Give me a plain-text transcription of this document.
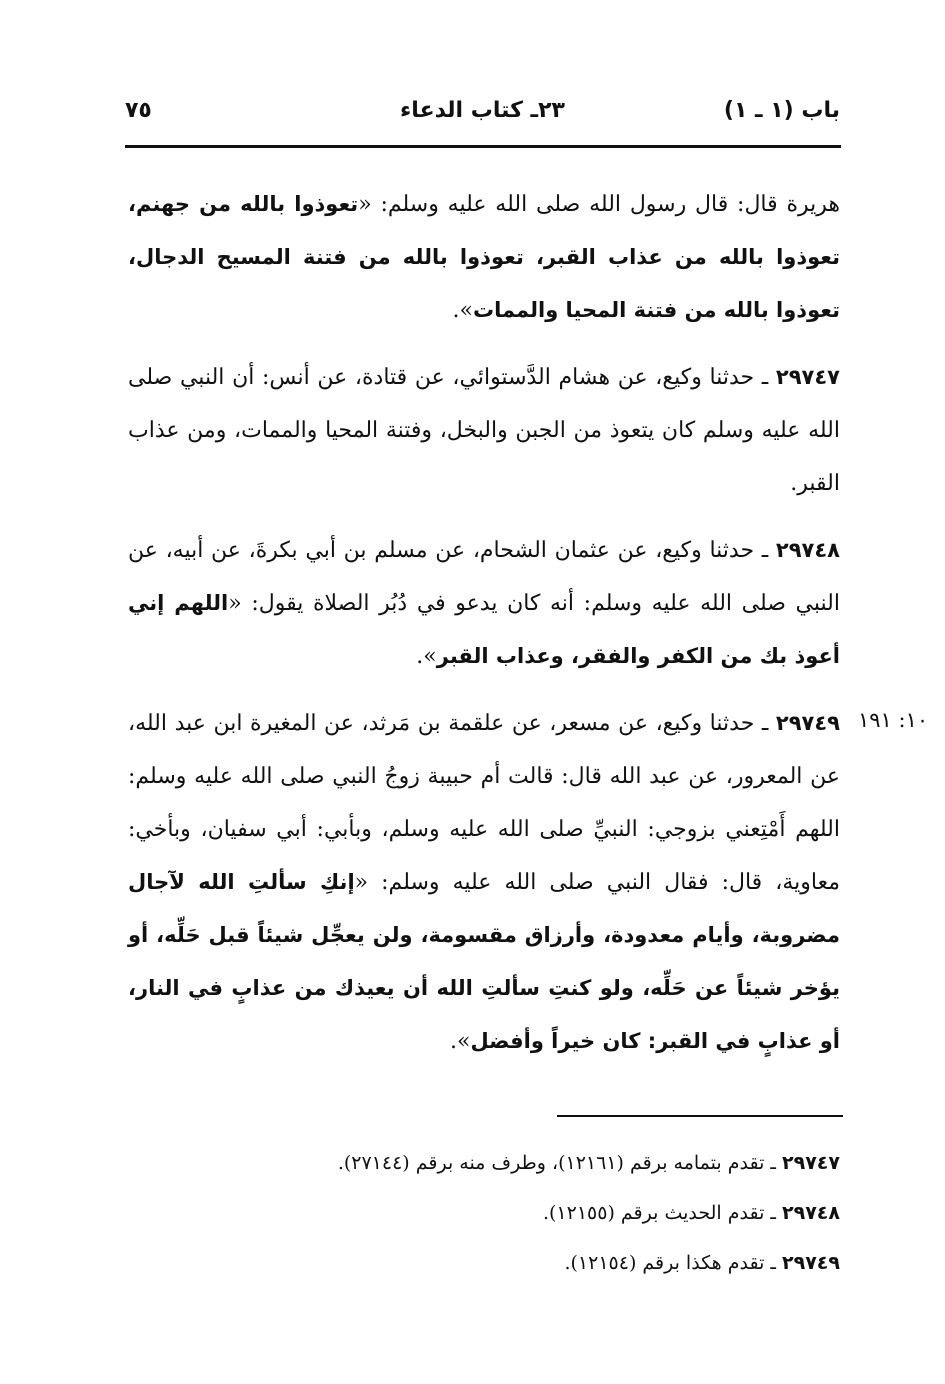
باب (١ ـ ١)
٢٣ـ كتاب الدعاء
٧٥

هريرة قال: قال رسول الله صلى الله عليه وسلم: «تعوذوا بالله من جهنم، تعوذوا بالله من عذاب القبر، تعوذوا بالله من فتنة المسيح الدجال، تعوذوا بالله من فتنة المحيا والممات».

٢٩٧٤٧ ـ حدثنا وكيع، عن هشام الدَّستوائي، عن قتادة، عن أنس: أن النبي صلى الله عليه وسلم كان يتعوذ من الجبن والبخل، وفتنة المحيا والممات، ومن عذاب القبر.

٢٩٧٤٨ ـ حدثنا وكيع، عن عثمان الشحام، عن مسلم بن أبي بكرةَ، عن أبيه، عن النبي صلى الله عليه وسلم: أنه كان يدعو في دُبُر الصلاة يقول: «اللهم إني أعوذ بك من الكفر والفقر، وعذاب القبر».

٢٩٧٤٩ ـ حدثنا وكيع، عن مسعر، عن علقمة بن مَرثد، عن المغيرة ابن عبد الله، عن المعرور، عن عبد الله قال: قالت أم حبيبة زوجُ النبي صلى الله عليه وسلم: اللهم أَمْتِعني بزوجي: النبيِّ صلى الله عليه وسلم، وبأبي: أبي سفيان، وبأخي: معاوية، قال: فقال النبي صلى الله عليه وسلم: «إنكِ سألتِ الله لآجال مضروبة، وأيام معدودة، وأرزاق مقسومة، ولن يعجِّل شيئاً قبل حَلِّه، أو يؤخر شيئاً عن حَلِّه، ولو كنتِ سألتِ الله أن يعيذك من عذابٍ في النار، أو عذابٍ في القبر: كان خيراً وأفضل».

١٠: ١٩١
٢٩٧٤٧ ـ تقدم بتمامه برقم (١٢١٦١)، وطرف منه برقم (٢٧١٤٤).
٢٩٧٤٨ ـ تقدم الحديث برقم (١٢١٥٥).
٢٩٧٤٩ ـ تقدم هكذا برقم (١٢١٥٤).
